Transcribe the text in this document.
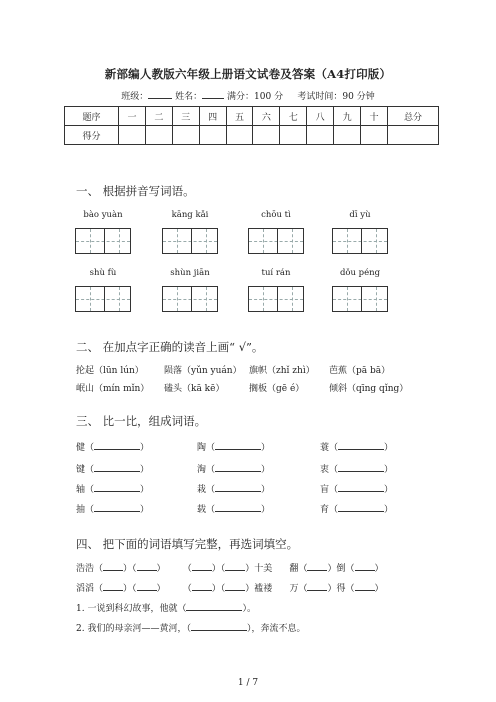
新部编人教版六年级上册语文试卷及答案（A4打印版）
班级：	姓名：	满分：100 分 考试时间：90 分钟
题序	一	二	三	四	五	六	七	八	九	十	总分
得分											
一、 根据拼音写词语。
bào yuàn	kāng kǎi	chōu tì	dī yù
shù fù	shùn jiān	tuí rán	dǒu péng
二、 在加点字正确的读音上画“ √”。
抡起（lūn lún） 陨落（yǔn yuán） 旗帜（zhǐ zhì） 芭蕉（pā bā）
岷山（mín mǐn） 磕头（kā kē）	搁板（gē é）	倾斜（qīng qǐng）
三、 比一比，组成词语。
健（	）	陶（	）	蓑（	）
键（	）	淘（	）	衷（	）
轴（	）	栽（	）	盲（	）
抽（	）	载（	）	育（	）
四、 把下面的词语填写完整，再选词填空。
浩浩（ ）（ ）      （ ）（ ）十美 翻（ ）倒（ ）
滔滔（ ）（ ）      （ ）（ ）褴褛 万（ ）得（ ）
1. 一说到科幻故事，他就（	）。
2. 我们的母亲河——黄河，（	），奔流不息。
1 / 7
